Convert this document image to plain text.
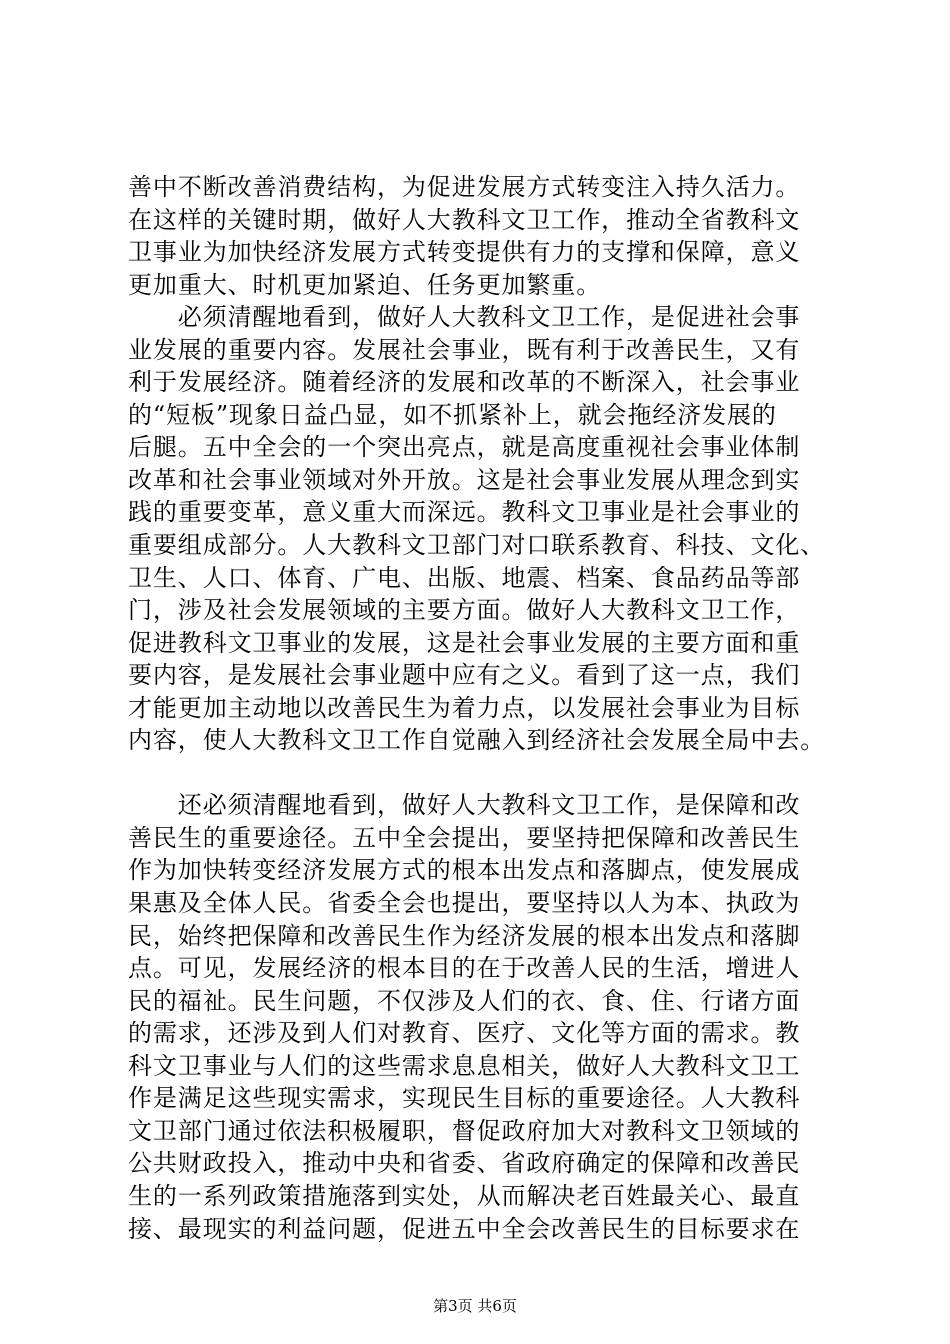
善中不断改善消费结构，为促进发展方式转变注入持久活力。
在这样的关键时期，做好人大教科文卫工作，推动全省教科文
卫事业为加快经济发展方式转变提供有力的支撑和保障，意义
更加重大、时机更加紧迫、任务更加繁重。
　　必须清醒地看到，做好人大教科文卫工作，是促进社会事
业发展的重要内容。发展社会事业，既有利于改善民生，又有
利于发展经济。随着经济的发展和改革的不断深入，社会事业
的“短板”现象日益凸显，如不抓紧补上，就会拖经济发展的
后腿。五中全会的一个突出亮点，就是高度重视社会事业体制
改革和社会事业领域对外开放。这是社会事业发展从理念到实
践的重要变革，意义重大而深远。教科文卫事业是社会事业的
重要组成部分。人大教科文卫部门对口联系教育、科技、文化、
卫生、人口、体育、广电、出版、地震、档案、食品药品等部
门，涉及社会发展领域的主要方面。做好人大教科文卫工作，
促进教科文卫事业的发展，这是社会事业发展的主要方面和重
要内容，是发展社会事业题中应有之义。看到了这一点，我们
才能更加主动地以改善民生为着力点，以发展社会事业为目标
内容，使人大教科文卫工作自觉融入到经济社会发展全局中去。
　　还必须清醒地看到，做好人大教科文卫工作，是保障和改
善民生的重要途径。五中全会提出，要坚持把保障和改善民生
作为加快转变经济发展方式的根本出发点和落脚点，使发展成
果惠及全体人民。省委全会也提出，要坚持以人为本、执政为
民，始终把保障和改善民生作为经济发展的根本出发点和落脚
点。可见，发展经济的根本目的在于改善人民的生活，增进人
民的福祉。民生问题，不仅涉及人们的衣、食、住、行诸方面
的需求，还涉及到人们对教育、医疗、文化等方面的需求。教
科文卫事业与人们的这些需求息息相关，做好人大教科文卫工
作是满足这些现实需求，实现民生目标的重要途径。人大教科
文卫部门通过依法积极履职，督促政府加大对教科文卫领域的
公共财政投入，推动中央和省委、省政府确定的保障和改善民
生的一系列政策措施落到实处，从而解决老百姓最关心、最直
接、最现实的利益问题，促进五中全会改善民生的目标要求在
第3页 共6页
